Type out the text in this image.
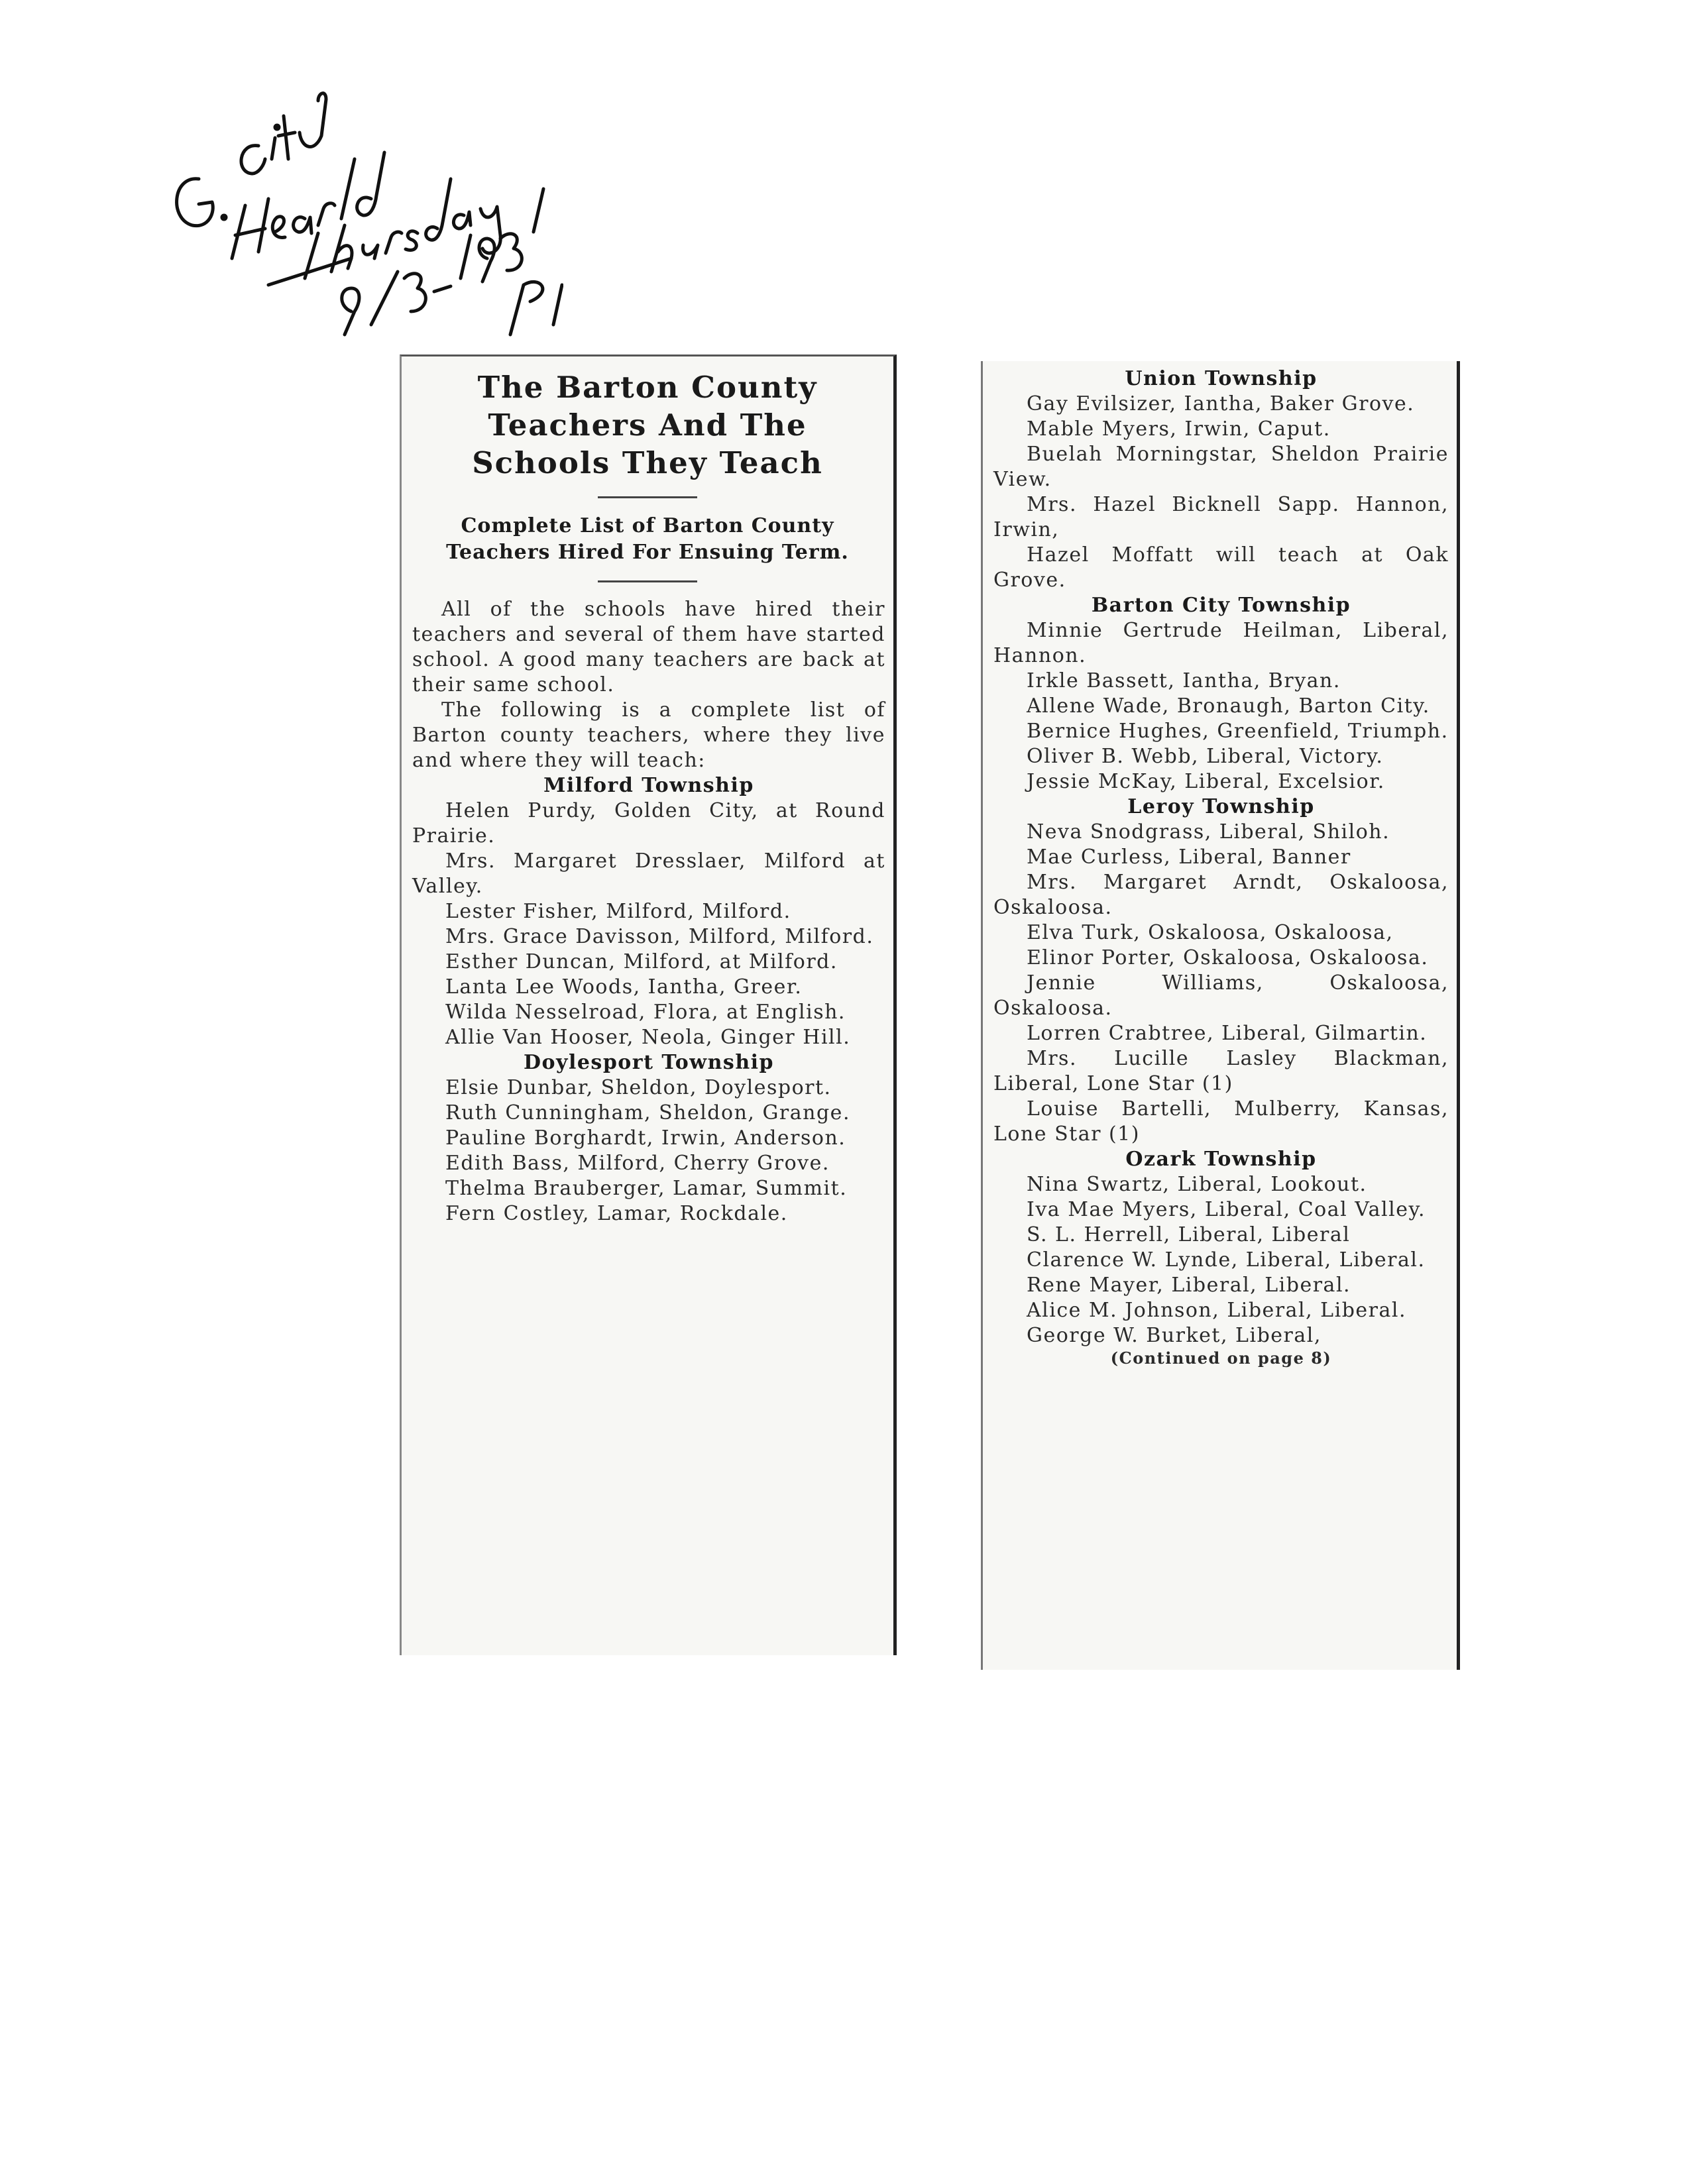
The Barton County
Teachers And The
Schools They Teach
Complete List of Barton County Teachers Hired For Ensuing Term.

All of the schools have hired their teachers and several of them have started school. A good many teachers are back at their same school.

The following is a complete list of Barton county teachers, where they live and where they will teach:

Milford Township

Helen Purdy, Golden City, at Round Prairie.

Mrs. Margaret Dresslaer, Milford at Valley.

Lester Fisher, Milford, Milford.

Mrs. Grace Davisson, Milford, Milford.

Esther Duncan, Milford, at Milford.

Lanta Lee Woods, Iantha, Greer.

Wilda Nesselroad, Flora, at English.

Allie Van Hooser, Neola, Ginger Hill.

Doylesport Township

Elsie Dunbar, Sheldon, Doylesport.

Ruth Cunningham, Sheldon, Grange.

Pauline Borghardt, Irwin, Anderson.

Edith Bass, Milford, Cherry Grove.

Thelma Brauberger, Lamar, Summit.

Fern Costley, Lamar, Rockdale.

Union Township

Gay Evilsizer, Iantha, Baker Grove.

Mable Myers, Irwin, Caput.

Buelah Morningstar, Sheldon Prairie View.

Mrs. Hazel Bicknell Sapp. Hannon, Irwin,

Hazel Moffatt will teach at Oak Grove.

Barton City Township

Minnie Gertrude Heilman, Liberal, Hannon.

Irkle Bassett, Iantha, Bryan.

Allene Wade, Bronaugh, Barton City.

Bernice Hughes, Greenfield, Triumph.

Oliver B. Webb, Liberal, Victory.

Jessie McKay, Liberal, Excelsior.

Leroy Township

Neva Snodgrass, Liberal, Shiloh.

Mae Curless, Liberal, Banner

Mrs. Margaret Arndt, Oskaloosa, Oskaloosa.

Elva Turk, Oskaloosa, Oskaloosa,

Elinor Porter, Oskaloosa, Oskaloosa.

Jennie Williams, Oskaloosa, Oskaloosa.

Lorren Crabtree, Liberal, Gilmartin.

Mrs. Lucille Lasley Blackman, Liberal, Lone Star (1)

Louise Bartelli, Mulberry, Kansas, Lone Star (1)

Ozark Township

Nina Swartz, Liberal, Lookout.

Iva Mae Myers, Liberal, Coal Valley.

S. L. Herrell, Liberal, Liberal

Clarence W. Lynde, Liberal, Liberal.

Rene Mayer, Liberal, Liberal.

Alice M. Johnson, Liberal, Liberal.

George W. Burket, Liberal,

(Continued on page 8)
